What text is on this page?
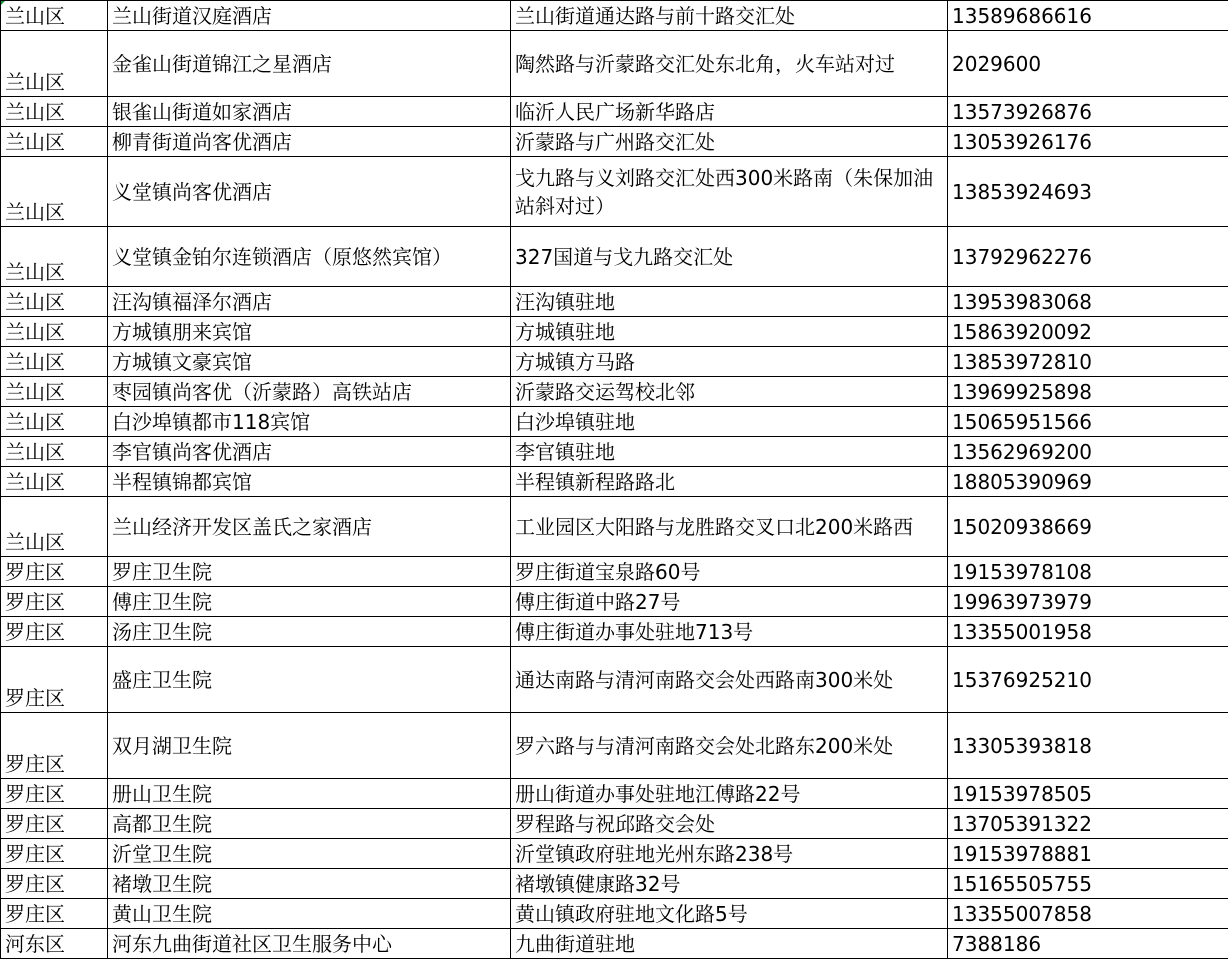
兰山区	兰山街道汉庭酒店	兰山街道通达路与前十路交汇处	13589686616
兰山区	金雀山街道锦江之星酒店	陶然路与沂蒙路交汇处东北角，火车站对过	2029600
兰山区	银雀山街道如家酒店	临沂人民广场新华路店	13573926876
兰山区	柳青街道尚客优酒店	沂蒙路与广州路交汇处	13053926176
兰山区	义堂镇尚客优酒店	戈九路与义刘路交汇处西300米路南（朱保加油站斜对过）	13853924693
兰山区	义堂镇金铂尔连锁酒店（原悠然宾馆）	327国道与戈九路交汇处	13792962276
兰山区	汪沟镇福泽尔酒店	汪沟镇驻地	13953983068
兰山区	方城镇朋来宾馆	方城镇驻地	15863920092
兰山区	方城镇文豪宾馆	方城镇方马路	13853972810
兰山区	枣园镇尚客优（沂蒙路）高铁站店	沂蒙路交运驾校北邻	13969925898
兰山区	白沙埠镇都市118宾馆	白沙埠镇驻地	15065951566
兰山区	李官镇尚客优酒店	李官镇驻地	13562969200
兰山区	半程镇锦都宾馆	半程镇新程路路北	18805390969
兰山区	兰山经济开发区盖氏之家酒店	工业园区大阳路与龙胜路交叉口北200米路西	15020938669
罗庄区	罗庄卫生院	罗庄街道宝泉路60号	19153978108
罗庄区	傅庄卫生院	傅庄街道中路27号	19963973979
罗庄区	汤庄卫生院	傅庄街道办事处驻地713号	13355001958
罗庄区	盛庄卫生院	通达南路与清河南路交会处西路南300米处	15376925210
罗庄区	双月湖卫生院	罗六路与与清河南路交会处北路东200米处	13305393818
罗庄区	册山卫生院	册山街道办事处驻地江傅路22号	19153978505
罗庄区	高都卫生院	罗程路与祝邱路交会处	13705391322
罗庄区	沂堂卫生院	沂堂镇政府驻地光州东路238号	19153978881
罗庄区	褚墩卫生院	褚墩镇健康路32号	15165505755
罗庄区	黄山卫生院	黄山镇政府驻地文化路5号	13355007858
河东区	河东九曲街道社区卫生服务中心	九曲街道驻地	7388186
